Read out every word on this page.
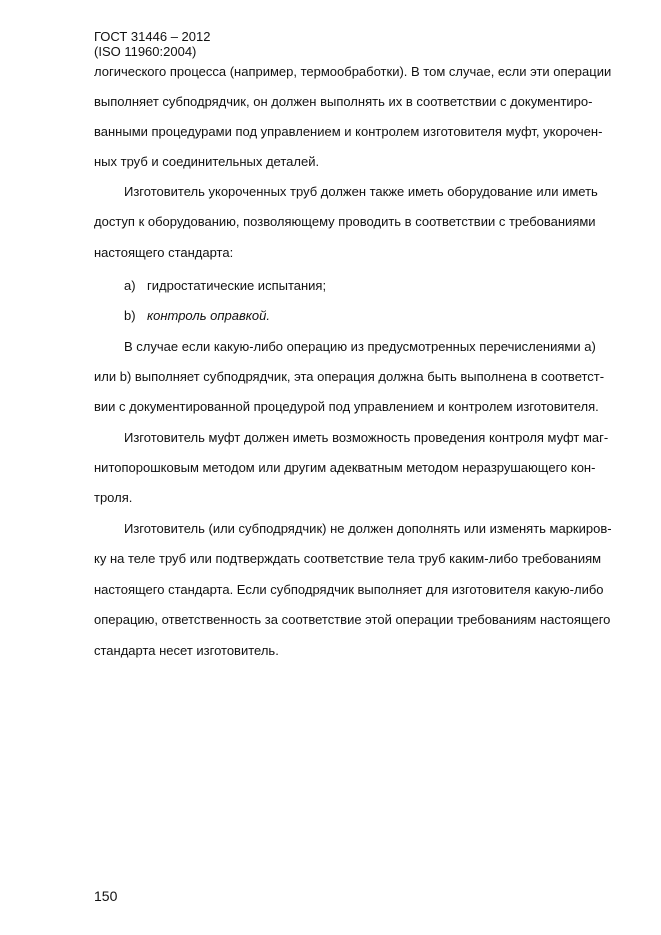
ГОСТ 31446 – 2012
(ISO 11960:2004)
логического процесса (например, термообработки). В том случае, если эти операции
выполняет субподрядчик, он должен выполнять их в соответствии с документиро-
ванными процедурами под управлением и контролем изготовителя муфт, укорочен-
ных труб и соединительных деталей.
Изготовитель укороченных труб должен также иметь оборудование или иметь
доступ к оборудованию, позволяющему проводить в соответствии с требованиями
настоящего стандарта:
а) гидростатические испытания;
b) контроль оправкой.
В случае если какую-либо операцию из предусмотренных перечислениями а)
или b) выполняет субподрядчик, эта операция должна быть выполнена в соответст-
вии с документированной процедурой под управлением и контролем изготовителя.
Изготовитель муфт должен иметь возможность проведения контроля муфт маг-
нитопорошковым методом или другим адекватным методом неразрушающего кон-
троля.
Изготовитель (или субподрядчик) не должен дополнять или изменять маркиров-
ку на теле труб или подтверждать соответствие тела труб каким-либо требованиям
настоящего стандарта. Если субподрядчик выполняет для изготовителя какую-либо
операцию, ответственность за соответствие этой операции требованиям настоящего
стандарта несет изготовитель.
150
